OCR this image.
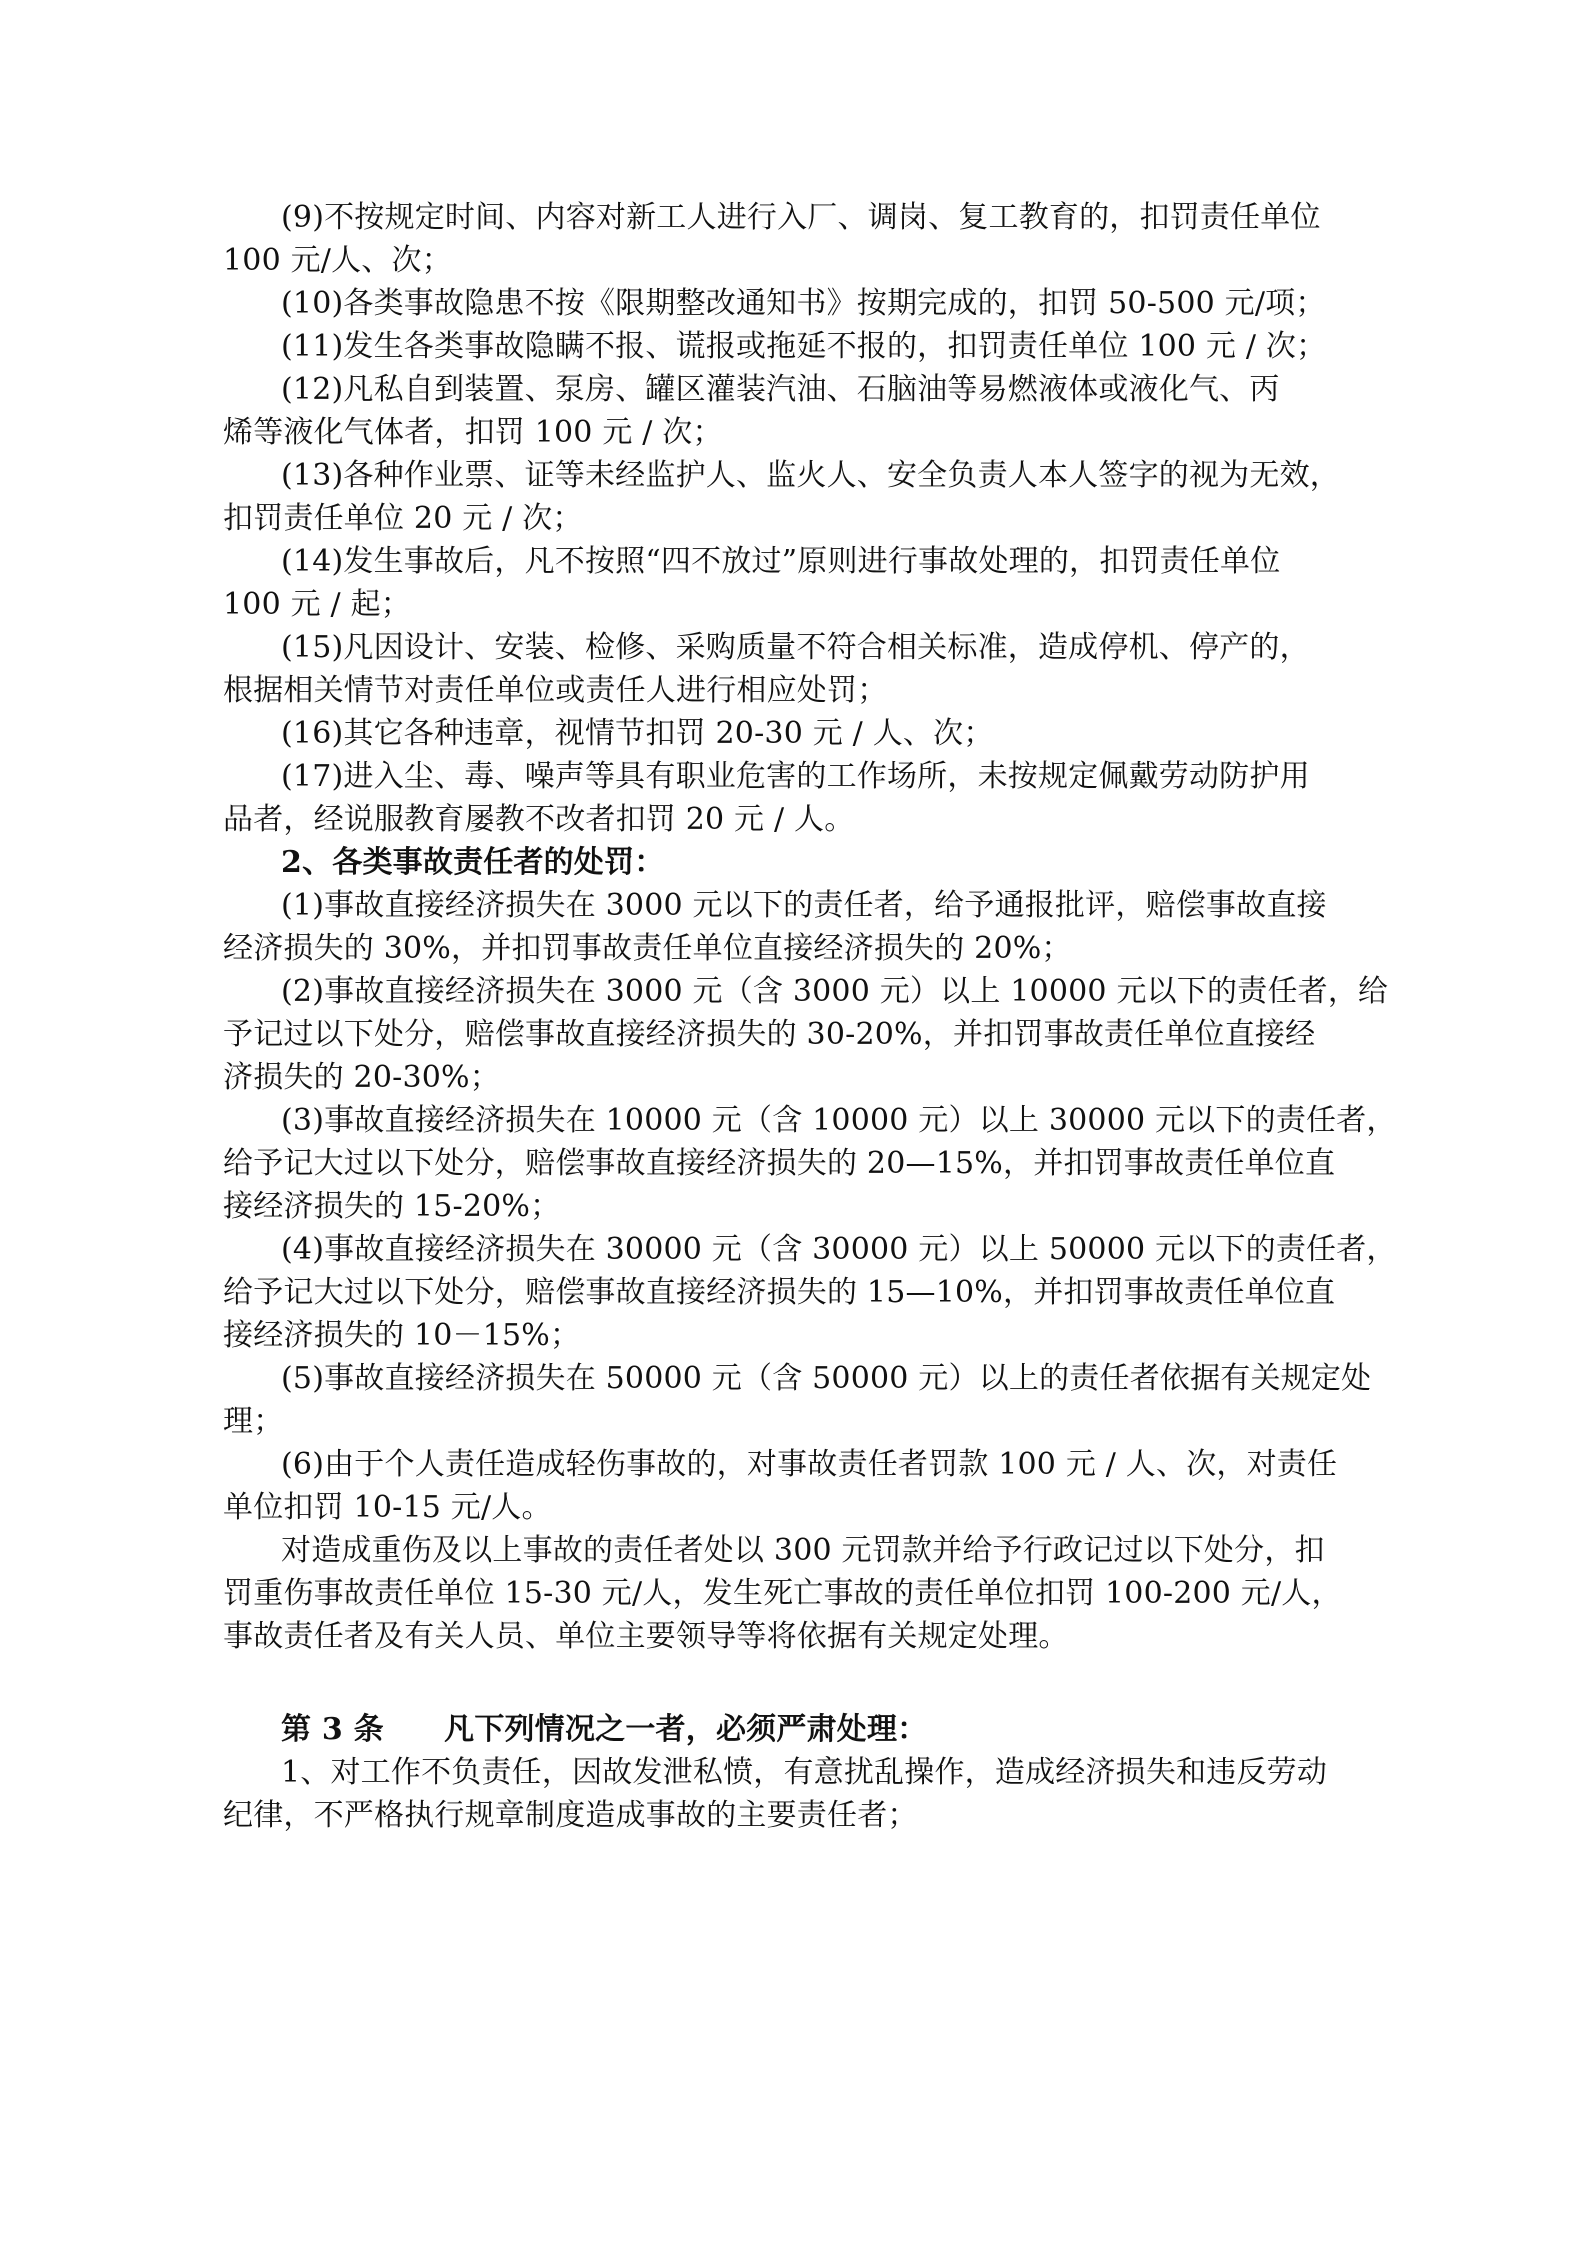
(9)不按规定时间、内容对新工人进行入厂、调岗、复工教育的，扣罚责任单位
100 元/人、次；
(10)各类事故隐患不按《限期整改通知书》按期完成的，扣罚 50-500 元/项；
(11)发生各类事故隐瞒不报、谎报或拖延不报的，扣罚责任单位 100 元 / 次；
(12)凡私自到装置、泵房、罐区灌装汽油、石脑油等易燃液体或液化气、丙
烯等液化气体者，扣罚 100 元 / 次；
(13)各种作业票、证等未经监护人、监火人、安全负责人本人签字的视为无效，
扣罚责任单位 20 元 / 次；
(14)发生事故后，凡不按照“四不放过”原则进行事故处理的，扣罚责任单位
100 元 / 起；
(15)凡因设计、安装、检修、采购质量不符合相关标准，造成停机、停产的，
根据相关情节对责任单位或责任人进行相应处罚；
(16)其它各种违章，视情节扣罚 20-30 元 / 人、次；
(17)进入尘、毒、噪声等具有职业危害的工作场所，未按规定佩戴劳动防护用
品者，经说服教育屡教不改者扣罚 20 元 / 人。
2、各类事故责任者的处罚：
(1)事故直接经济损失在 3000 元以下的责任者，给予通报批评，赔偿事故直接
经济损失的 30%，并扣罚事故责任单位直接经济损失的 20%；
(2)事故直接经济损失在 3000 元（含 3000 元）以上 10000 元以下的责任者，给
予记过以下处分，赔偿事故直接经济损失的 30-20%，并扣罚事故责任单位直接经
济损失的 20-30%；
(3)事故直接经济损失在 10000 元（含 10000 元）以上 30000 元以下的责任者，
给予记大过以下处分，赔偿事故直接经济损失的 20—15%，并扣罚事故责任单位直
接经济损失的 15-20%；
(4)事故直接经济损失在 30000 元（含 30000 元）以上 50000 元以下的责任者，
给予记大过以下处分，赔偿事故直接经济损失的 15—10%，并扣罚事故责任单位直
接经济损失的 10－15%；
(5)事故直接经济损失在 50000 元（含 50000 元）以上的责任者依据有关规定处
理；
(6)由于个人责任造成轻伤事故的，对事故责任者罚款 100 元 / 人、次，对责任
单位扣罚 10-15 元/人。
对造成重伤及以上事故的责任者处以 300 元罚款并给予行政记过以下处分，扣
罚重伤事故责任单位 15-30 元/人，发生死亡事故的责任单位扣罚 100-200 元/人，
事故责任者及有关人员、单位主要领导等将依据有关规定处理。
第 3 条　　凡下列情况之一者，必须严肃处理：
1、对工作不负责任，因故发泄私愤，有意扰乱操作，造成经济损失和违反劳动
纪律，不严格执行规章制度造成事故的主要责任者；
